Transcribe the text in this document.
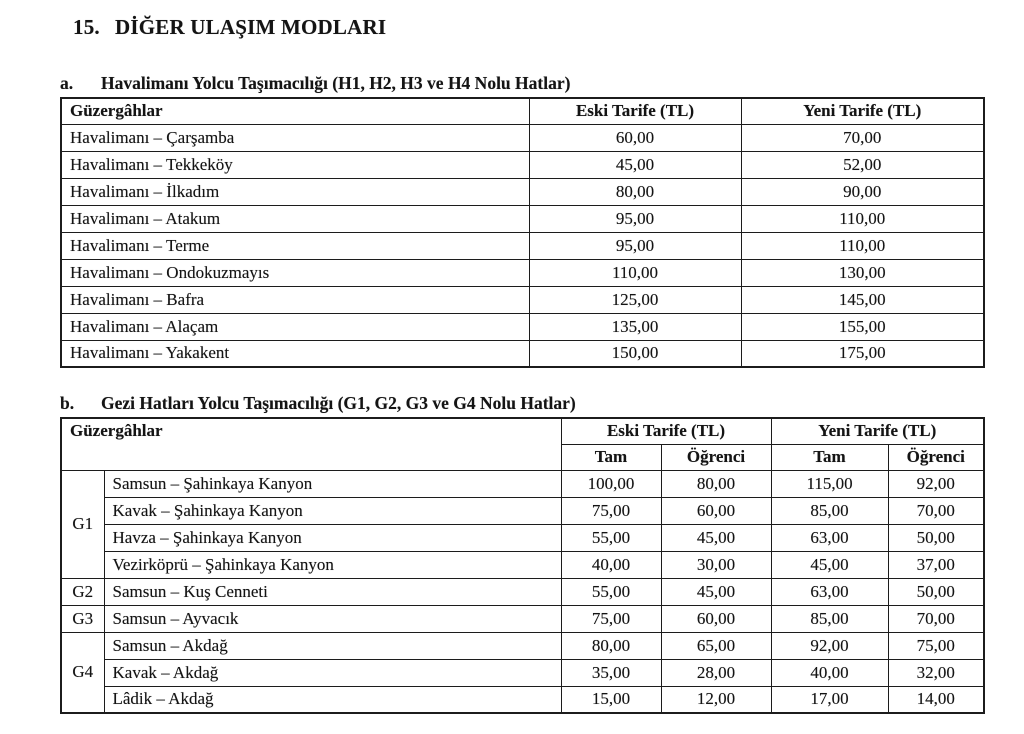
15. DİĞER ULAŞIM MODLARI
a.	Havalimanı Yolcu Taşımacılığı (H1, H2, H3 ve H4 Nolu Hatlar)
Güzergâhlar	Eski Tarife (TL)	Yeni Tarife (TL)
Havalimanı – Çarşamba	60,00	70,00
Havalimanı – Tekkeköy	45,00	52,00
Havalimanı – İlkadım	80,00	90,00
Havalimanı – Atakum	95,00	110,00
Havalimanı – Terme	95,00	110,00
Havalimanı – Ondokuzmayıs	110,00	130,00
Havalimanı – Bafra	125,00	145,00
Havalimanı – Alaçam	135,00	155,00
Havalimanı – Yakakent	150,00	175,00
b.	Gezi Hatları Yolcu Taşımacılığı (G1, G2, G3 ve G4 Nolu Hatlar)
Güzergâhlar		Eski Tarife (TL)		Yeni Tarife (TL)	
		Tam	Öğrenci	Tam	Öğrenci
G1	Samsun – Şahinkaya Kanyon	100,00	80,00	115,00	92,00
	Kavak – Şahinkaya Kanyon	75,00	60,00	85,00	70,00
	Havza – Şahinkaya Kanyon	55,00	45,00	63,00	50,00
	Vezirköprü – Şahinkaya Kanyon	40,00	30,00	45,00	37,00
G2	Samsun – Kuş Cenneti	55,00	45,00	63,00	50,00
G3	Samsun – Ayvacık	75,00	60,00	85,00	70,00
G4	Samsun – Akdağ	80,00	65,00	92,00	75,00
	Kavak – Akdağ	35,00	28,00	40,00	32,00
	Lâdik – Akdağ	15,00	12,00	17,00	14,00
